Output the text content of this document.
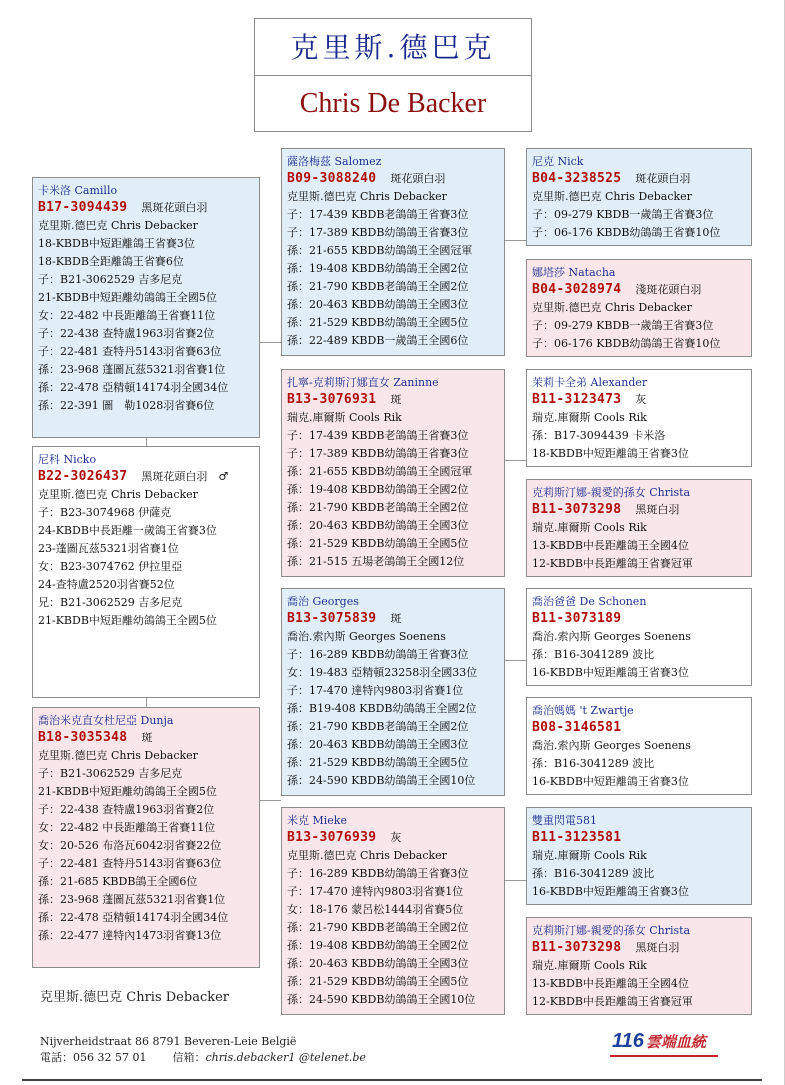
克里斯.德巴克
Chris De Backer
卡米洛 Camillo
B17-3094439 黑斑花頭白羽
克里斯.德巴克 Chris Debacker
18-KBDB中短距離鴿王省賽3位
18-KBDB全距離鴿王省賽6位
子：B21-3062529 吉多尼克
21-KBDB中短距離幼鴿鴿王全國5位
女：22-482 中長距離鴿王省賽11位
子：22-438 查特盧1963羽省賽2位
子：22-481 查特丹5143羽省賽63位
孫：23-968 蓬圖瓦茲5321羽省賽1位
孫：22-478 亞精頓14174羽全國34位
孫：22-391 圖　勒1028羽省賽6位
尼科 Nicko
B22-3026437 黑斑花頭白羽　♂
克里斯.德巴克 Chris Debacker
子：B23-3074968 伊薩克
24-KBDB中長距離一歲鴿王省賽3位
23-蓬圖瓦茲5321羽省賽1位
女：B23-3074762 伊拉里亞
24-查特盧2520羽省賽52位
兄：B21-3062529 吉多尼克
21-KBDB中短距離幼鴿鴿王全國5位
喬治米克直女杜尼亞 Dunja
B18-3035348 斑
克里斯.德巴克 Chris Debacker
子：B21-3062529 吉多尼克
21-KBDB中短距離幼鴿鴿王全國5位
子：22-438 查特盧1963羽省賽2位
女：22-482 中長距離鴿王省賽11位
女：20-526 布洛瓦6042羽省賽22位
子：22-481 查特丹5143羽省賽63位
孫：21-685 KBDB鴿王全國6位
孫：23-968 蓬圖瓦茲5321羽省賽1位
孫：22-478 亞精頓14174羽全國34位
孫：22-477 達特內1473羽省賽13位
薩洛梅茲 Salomez
B09-3088240 斑花頭白羽
克里斯.德巴克 Chris Debacker
子：17-439 KBDB老鴿鴿王省賽3位
子：17-389 KBDB幼鴿鴿王省賽3位
孫：21-655 KBDB幼鴿鴿王全國冠軍
孫：19-408 KBDB幼鴿鴿王全國2位
孫：21-790 KBDB老鴿鴿王全國2位
孫：20-463 KBDB幼鴿鴿王全國3位
孫：21-529 KBDB幼鴿鴿王全國5位
孫：22-489 KBDB一歲鴿王全國6位
扎寧-克莉斯汀娜直女 Zaninne
B13-3076931 斑
瑞克.庫爾斯 Cools Rik
子：17-439 KBDB老鴿鴿王省賽3位
子：17-389 KBDB幼鴿鴿王省賽3位
孫：21-655 KBDB幼鴿鴿王全國冠軍
孫：19-408 KBDB幼鴿鴿王全國2位
孫：21-790 KBDB老鴿鴿王全國2位
孫：20-463 KBDB幼鴿鴿王全國3位
孫：21-529 KBDB幼鴿鴿王全國5位
孫：21-515 五場老鴿鴿王全國12位
喬治 Georges
B13-3075839 斑
喬治.索內斯 Georges Soenens
子：16-289 KBDB幼鴿鴿王省賽3位
女：19-483 亞精頓23258羽全國33位
子：17-470 達特內9803羽省賽1位
孫：B19-408 KBDB幼鴿鴿王全國2位
孫：21-790 KBDB老鴿鴿王全國2位
孫：20-463 KBDB幼鴿鴿王全國3位
孫：21-529 KBDB幼鴿鴿王全國5位
孫：24-590 KBDB幼鴿鴿王全國10位
米克 Mieke
B13-3076939 灰
克里斯.德巴克 Chris Debacker
子：16-289 KBDB幼鴿鴿王省賽3位
子：17-470 達特內9803羽省賽1位
女：18-176 蒙呂松1444羽省賽5位
孫：21-790 KBDB老鴿鴿王全國2位
孫：19-408 KBDB幼鴿鴿王全國2位
孫：20-463 KBDB幼鴿鴿王全國3位
孫：21-529 KBDB幼鴿鴿王全國5位
孫：24-590 KBDB幼鴿鴿王全國10位
尼克 Nick
B04-3238525 斑花頭白羽
克里斯.德巴克 Chris Debacker
子：09-279 KBDB一歲鴿王省賽3位
子：06-176 KBDB幼鴿鴿王省賽10位
娜塔莎 Natacha
B04-3028974 淺斑花頭白羽
克里斯.德巴克 Chris Debacker
子：09-279 KBDB一歲鴿王省賽3位
子：06-176 KBDB幼鴿鴿王省賽10位
茉莉卡全弟 Alexander
B11-3123473 灰
瑞克.庫爾斯 Cools Rik
孫：B17-3094439 卡米洛
18-KBDB中短距離鴿王省賽3位
克莉斯汀娜-親愛的孫女 Christa
B11-3073298 黑斑白羽
瑞克.庫爾斯 Cools Rik
13-KBDB中長距離鴿王全國4位
12-KBDB中長距離鴿王省賽冠軍
喬治爸爸 De Schonen
B11-3073189
喬治.索內斯 Georges Soenens
孫：B16-3041289 波比
16-KBDB中短距離鴿王省賽3位
喬治媽媽 't Zwartje
B08-3146581
喬治.索內斯 Georges Soenens
孫：B16-3041289 波比
16-KBDB中短距離鴿王省賽3位
雙重閃電581
B11-3123581
瑞克.庫爾斯 Cools Rik
孫：B16-3041289 波比
16-KBDB中短距離鴿王省賽3位
克莉斯汀娜-親愛的孫女 Christa
B11-3073298 黑斑白羽
瑞克.庫爾斯 Cools Rik
13-KBDB中長距離鴿王全國4位
12-KBDB中長距離鴿王省賽冠軍
克里斯.德巴克 Chris Debacker
Nijverheidstraat 86 8791 Beveren-Leie België
電話：056 32 57 01 信箱：chris.debacker1 @telenet.be
116 雲端血統
